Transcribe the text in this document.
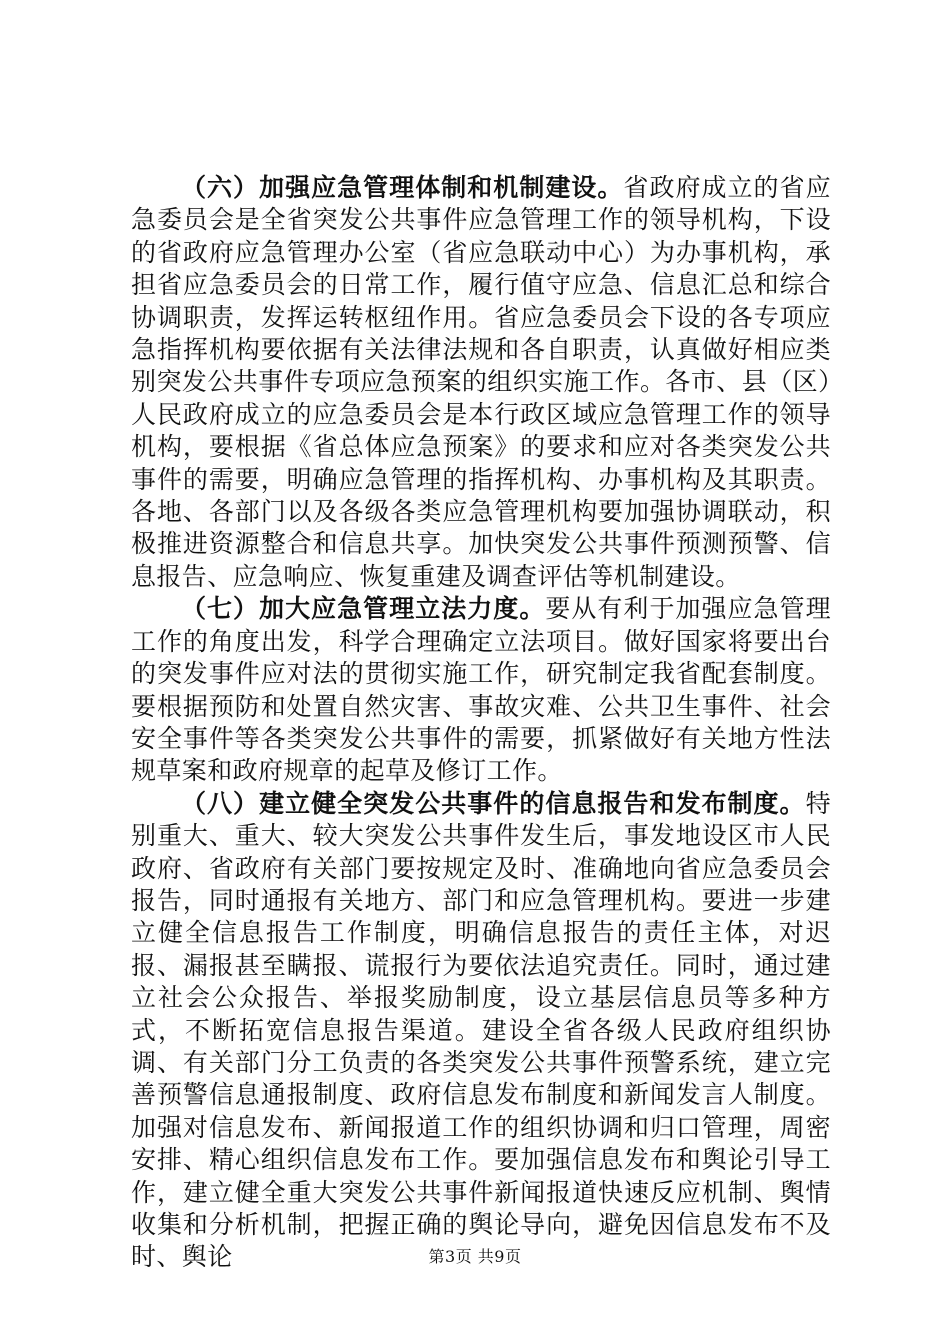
（六）加强应急管理体制和机制建设。省政府成立的省应急委员会是全省突发公共事件应急管理工作的领导机构，下设的省政府应急管理办公室（省应急联动中心）为办事机构，承担省应急委员会的日常工作，履行值守应急、信息汇总和综合协调职责，发挥运转枢纽作用。省应急委员会下设的各专项应急指挥机构要依据有关法律法规和各自职责，认真做好相应类别突发公共事件专项应急预案的组织实施工作。各市、县（区）人民政府成立的应急委员会是本行政区域应急管理工作的领导机构，要根据《省总体应急预案》的要求和应对各类突发公共事件的需要，明确应急管理的指挥机构、办事机构及其职责。各地、各部门以及各级各类应急管理机构要加强协调联动，积极推进资源整合和信息共享。加快突发公共事件预测预警、信息报告、应急响应、恢复重建及调查评估等机制建设。

（七）加大应急管理立法力度。要从有利于加强应急管理工作的角度出发，科学合理确定立法项目。做好国家将要出台的突发事件应对法的贯彻实施工作，研究制定我省配套制度。要根据预防和处置自然灾害、事故灾难、公共卫生事件、社会安全事件等各类突发公共事件的需要，抓紧做好有关地方性法规草案和政府规章的起草及修订工作。

（八）建立健全突发公共事件的信息报告和发布制度。特别重大、重大、较大突发公共事件发生后，事发地设区市人民政府、省政府有关部门要按规定及时、准确地向省应急委员会报告，同时通报有关地方、部门和应急管理机构。要进一步建立健全信息报告工作制度，明确信息报告的责任主体，对迟报、漏报甚至瞒报、谎报行为要依法追究责任。同时，通过建立社会公众报告、举报奖励制度，设立基层信息员等多种方式，不断拓宽信息报告渠道。建设全省各级人民政府组织协调、有关部门分工负责的各类突发公共事件预警系统，建立完善预警信息通报制度、政府信息发布制度和新闻发言人制度。加强对信息发布、新闻报道工作的组织协调和归口管理，周密安排、精心组织信息发布工作。要加强信息发布和舆论引导工作，建立健全重大突发公共事件新闻报道快速反应机制、舆情收集和分析机制，把握正确的舆论导向，避免因信息发布不及时、舆论	第3页 共9页
